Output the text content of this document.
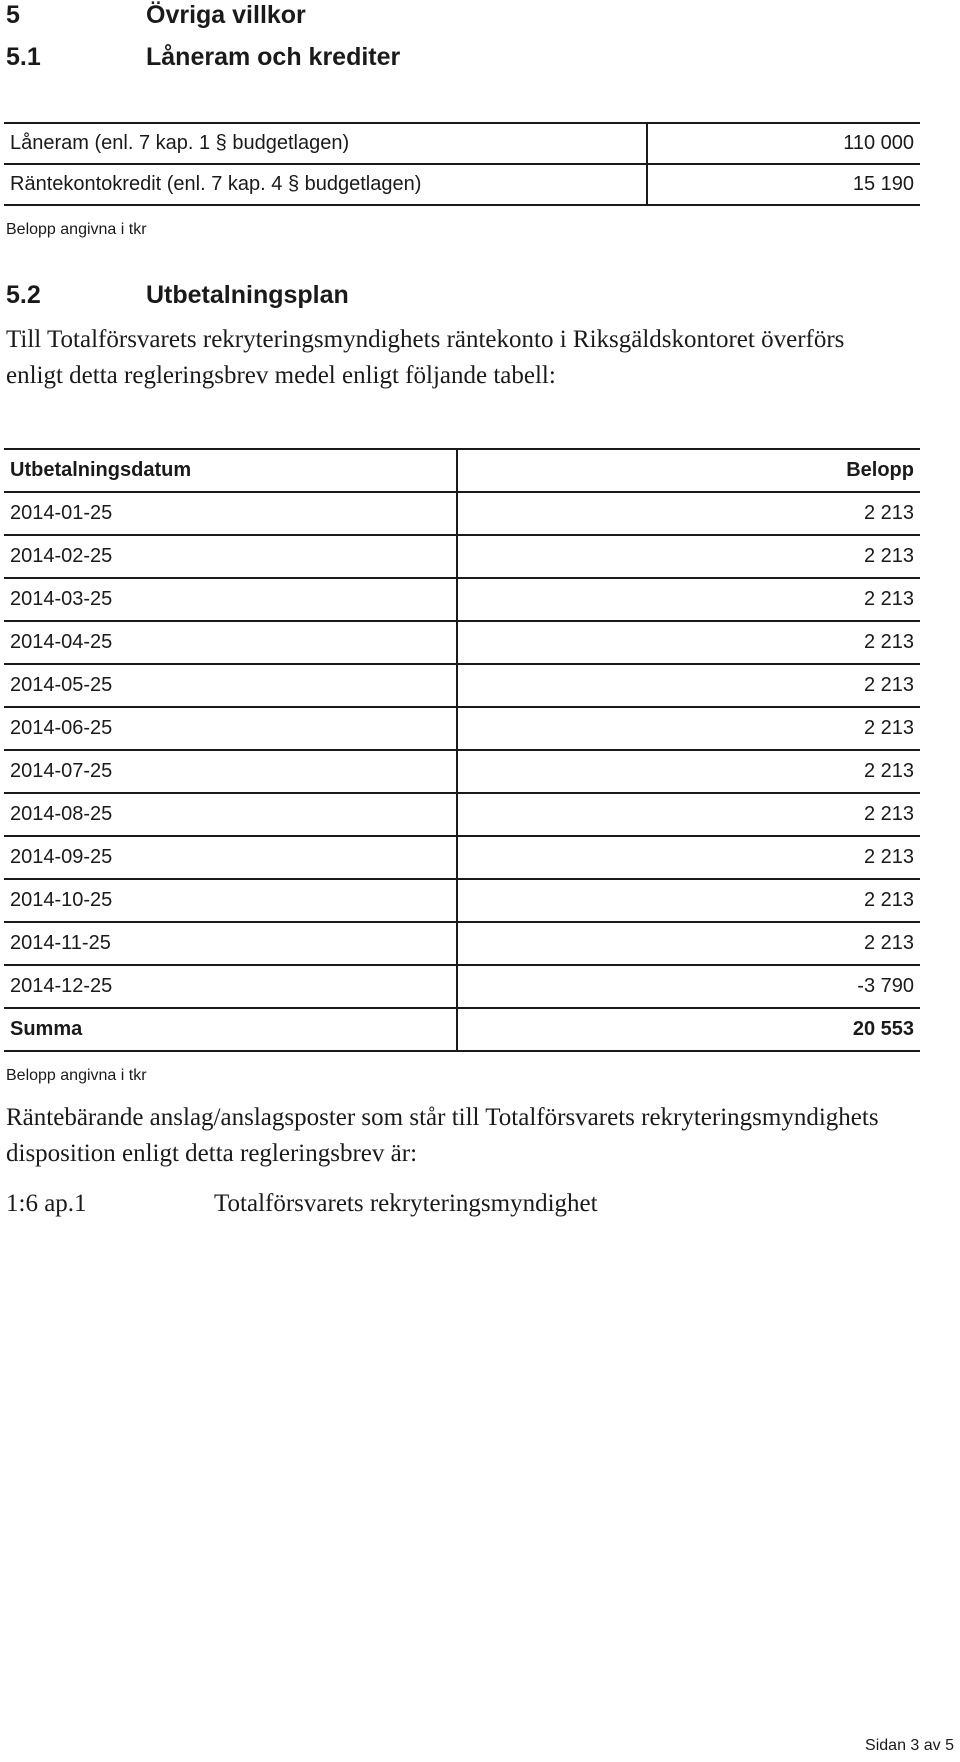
5	Övriga villkor
5.1	Låneram och krediter
Låneram (enl. 7 kap. 1 § budgetlagen)	110 000
Räntekontokredit (enl. 7 kap. 4 § budgetlagen)	15 190
Belopp angivna i tkr
5.2	Utbetalningsplan
Till Totalförsvarets rekryteringsmyndighets räntekonto i Riksgäldskontoret överförs enligt detta regleringsbrev medel enligt följande tabell:
Utbetalningsdatum	Belopp
2014-01-25	2 213
2014-02-25	2 213
2014-03-25	2 213
2014-04-25	2 213
2014-05-25	2 213
2014-06-25	2 213
2014-07-25	2 213
2014-08-25	2 213
2014-09-25	2 213
2014-10-25	2 213
2014-11-25	2 213
2014-12-25	-3 790
Summa	20 553
Belopp angivna i tkr
Räntebärande anslag/anslagsposter som står till Totalförsvarets rekryteringsmyndighets disposition enligt detta regleringsbrev är:
1:6 ap.1	Totalförsvarets rekryteringsmyndighet
Sidan 3 av 5
